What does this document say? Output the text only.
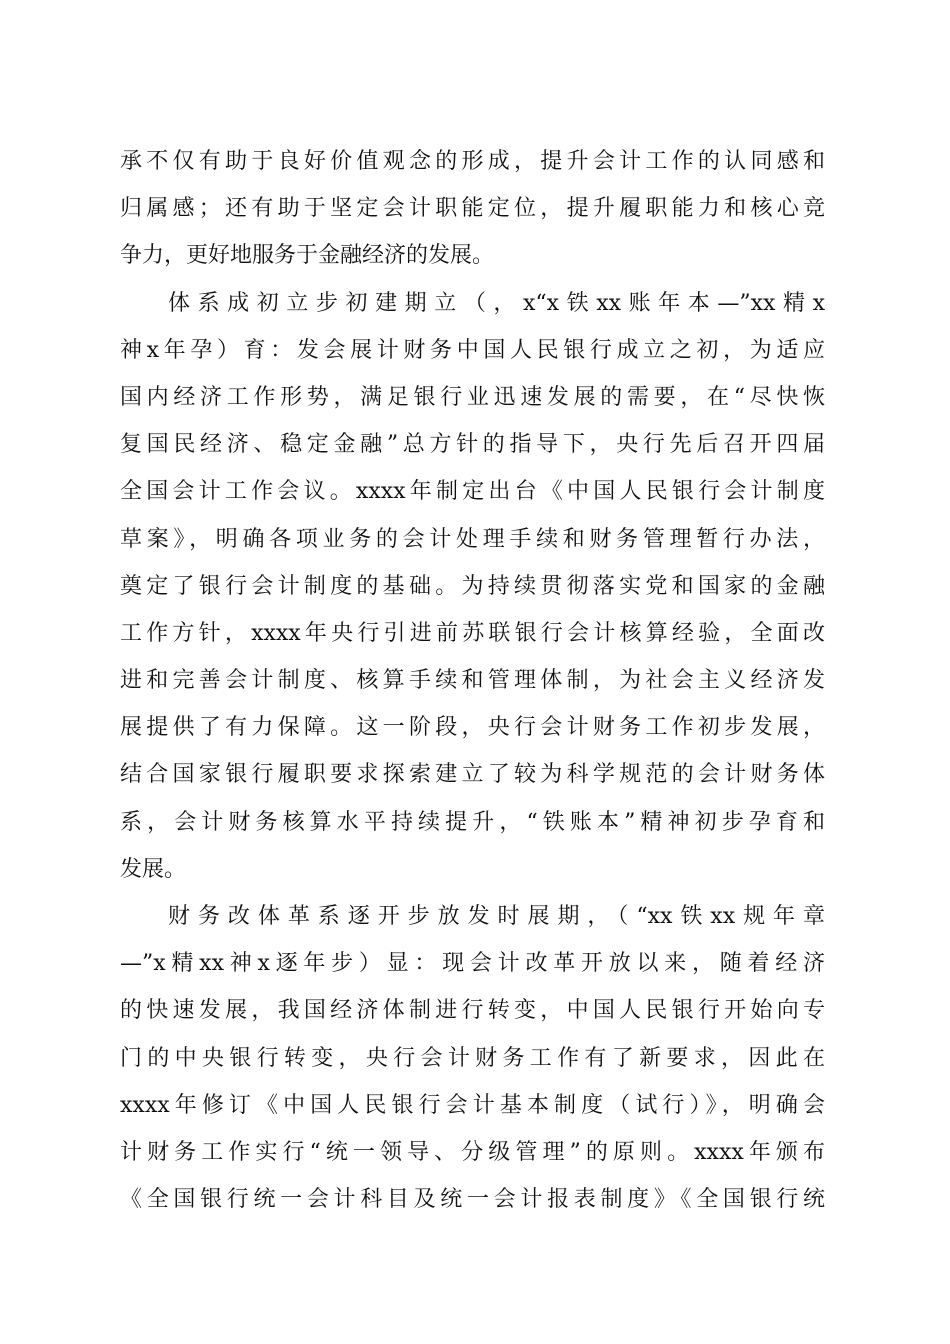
承不仅有助于良好价值观念的形成，提升会计工作的认同感和
归属感；还有助于坚定会计职能定位，提升履职能力和核心竞
争力，更好地服务于金融经济的发展。
体系成初立步初建期立（，x“x铁xx账年本—”xx精x
神x年孕）育：发会展计财务中国人民银行成立之初，为适应
国内经济工作形势，满足银行业迅速发展的需要，在“尽快恢
复国民经济、稳定金融”总方针的指导下，央行先后召开四届
全国会计工作会议。xxxx年制定出台《中国人民银行会计制度
草案》，明确各项业务的会计处理手续和财务管理暂行办法，
奠定了银行会计制度的基础。为持续贯彻落实党和国家的金融
工作方针，xxxx年央行引进前苏联银行会计核算经验，全面改
进和完善会计制度、核算手续和管理体制，为社会主义经济发
展提供了有力保障。这一阶段，央行会计财务工作初步发展，
结合国家银行履职要求探索建立了较为科学规范的会计财务体
系，会计财务核算水平持续提升，“铁账本”精神初步孕育和
发展。
财务改体革系逐开步放发时展期，（“xx铁xx规年章
—”x精xx神x逐年步）显：现会计改革开放以来，随着经济
的快速发展，我国经济体制进行转变，中国人民银行开始向专
门的中央银行转变，央行会计财务工作有了新要求，因此在
xxxx年修订《中国人民银行会计基本制度（试行）》，明确会
计财务工作实行“统一领导、分级管理”的原则。xxxx年颁布
《全国银行统一会计科目及统一会计报表制度》《全国银行统
